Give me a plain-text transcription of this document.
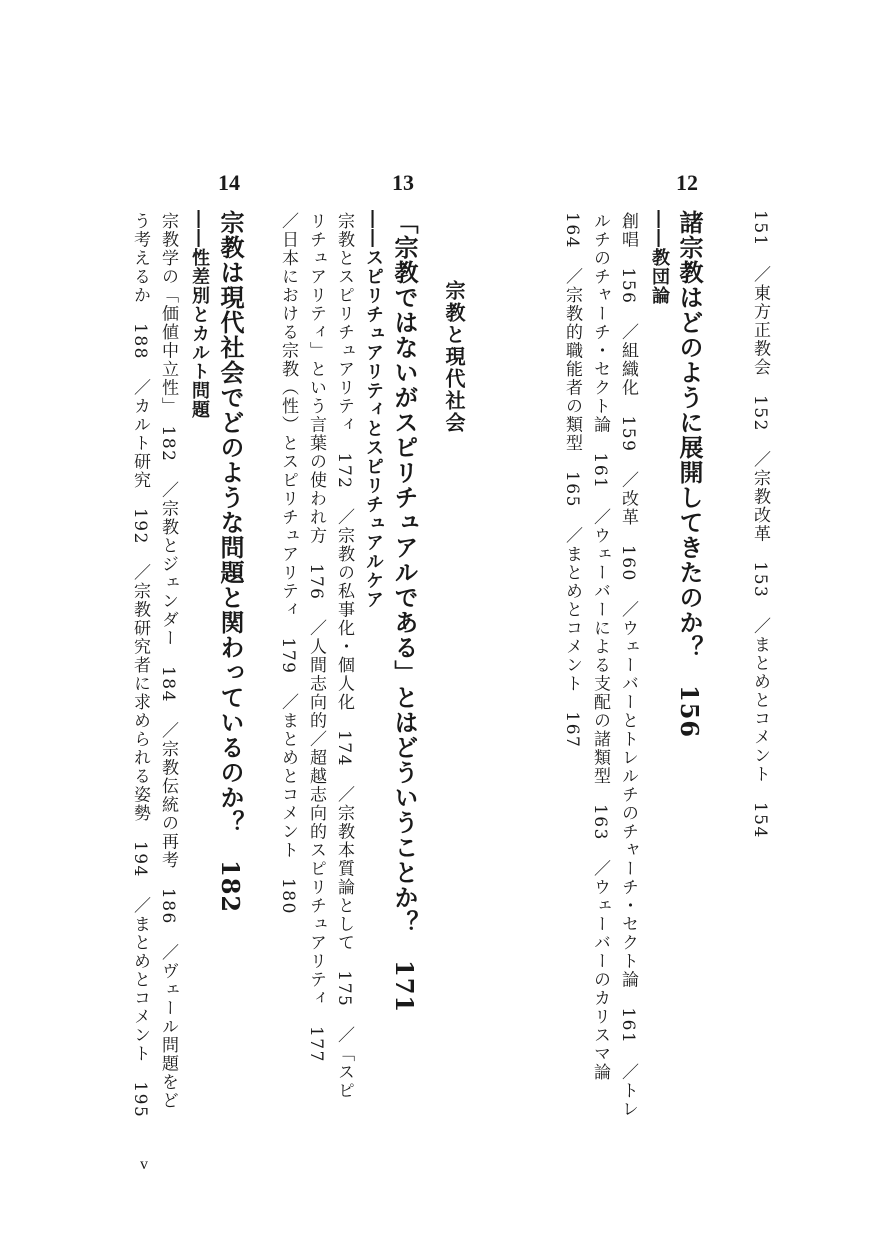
151　／東方正教会　152　／宗教改革　153　／まとめとコメント　154
12
諸宗教はどのように展開してきたのか？　156
――教団論
創唱　156　／組織化　159　／改革　160　／ウェーバーとトレルチのチャーチ・セクト論　161　／トレ
ルチのチャーチ・セクト論　161　／ウェーバーによる支配の諸類型　163　／ウェーバーのカリスマ論
164　／宗教的職能者の類型　165　／まとめとコメント　167
宗教と現代社会
13
「宗教ではないがスピリチュアルである」とはどういうことか？　171
――スピリチュアリティとスピリチュアルケア
宗教とスピリチュアリティ　172　／宗教の私事化・個人化　174　／宗教本質論として　175　／「スピ
リチュアリティ」という言葉の使われ方　176　／人間志向的／超越志向的スピリチュアリティ　177
／日本における宗教（性）とスピリチュアリティ　179　／まとめとコメント　180
14
宗教は現代社会でどのような問題と関わっているのか？　182
――性差別とカルト問題
宗教学の「価値中立性」　182　／宗教とジェンダー　184　／宗教伝統の再考　186　／ヴェール問題をど
う考えるか　188　／カルト研究　192　／宗教研究者に求められる姿勢　194　／まとめとコメント　195
v
